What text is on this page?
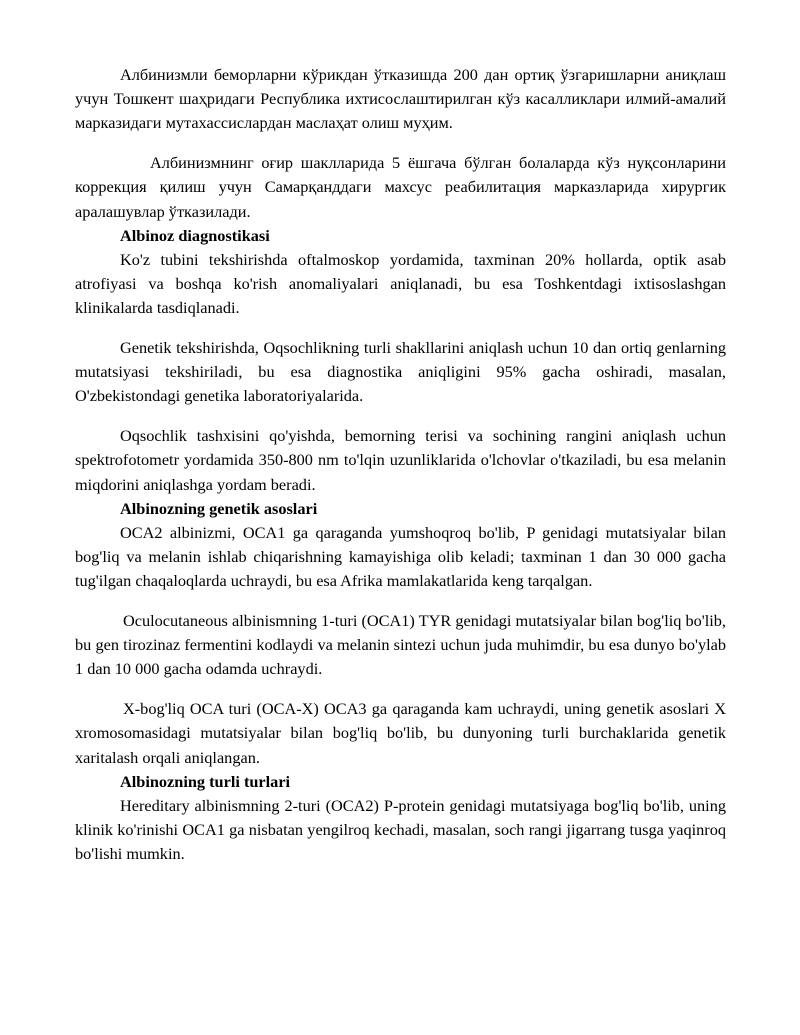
Албинизмли беморларни кўрикдан ўтказишда 200 дан ортиқ ўзгаришларни аниқлаш учун Тошкент шаҳридаги Республика ихтисослаштирилган кўз касалликлари илмий-амалий марказидаги мутахассислардан маслаҳат олиш муҳим.

Албинизмнинг оғир шаклларида 5 ёшгача бўлган болаларда кўз нуқсонларини коррекция қилиш учун Самарқанддаги махсус реабилитация марказларида хирургик аралашувлар ўтказилади.

Albinoz diagnostikasi

Ko'z tubini tekshirishda oftalmoskop yordamida, taxminan 20% hollarda, optik asab atrofiyasi va boshqa ko'rish anomaliyalari aniqlanadi, bu esa Toshkentdagi ixtisoslashgan klinikalarda tasdiqlanadi.

Genetik tekshirishda, Oqsochlikning turli shakllarini aniqlash uchun 10 dan ortiq genlarning mutatsiyasi tekshiriladi, bu esa diagnostika aniqligini 95% gacha oshiradi, masalan, O'zbekistondagi genetika laboratoriyalarida.

Oqsochlik tashxisini qo'yishda, bemorning terisi va sochining rangini aniqlash uchun spektrofotometr yordamida 350-800 nm to'lqin uzunliklarida o'lchovlar o'tkaziladi, bu esa melanin miqdorini aniqlashga yordam beradi.

Albinozning genetik asoslari

OCA2 albinizmi, OCA1 ga qaraganda yumshoqroq bo'lib, P genidagi mutatsiyalar bilan bog'liq va melanin ishlab chiqarishning kamayishiga olib keladi; taxminan 1 dan 30 000 gacha tug'ilgan chaqaloqlarda uchraydi, bu esa Afrika mamlakatlarida keng tarqalgan.

Oculocutaneous albinismning 1-turi (OCA1) TYR genidagi mutatsiyalar bilan bog'liq bo'lib, bu gen tirozinaz fermentini kodlaydi va melanin sintezi uchun juda muhimdir, bu esa dunyo bo'ylab 1 dan 10 000 gacha odamda uchraydi.

X-bog'liq OCA turi (OCA-X) OCA3 ga qaraganda kam uchraydi, uning genetik asoslari X xromosomasidagi mutatsiyalar bilan bog'liq bo'lib, bu dunyoning turli burchaklarida genetik xaritalash orqali aniqlangan.

Albinozning turli turlari

Hereditary albinismning 2-turi (OCA2) P-protein genidagi mutatsiyaga bog'liq bo'lib, uning klinik ko'rinishi OCA1 ga nisbatan yengilroq kechadi, masalan, soch rangi jigarrang tusga yaqinroq bo'lishi mumkin.
